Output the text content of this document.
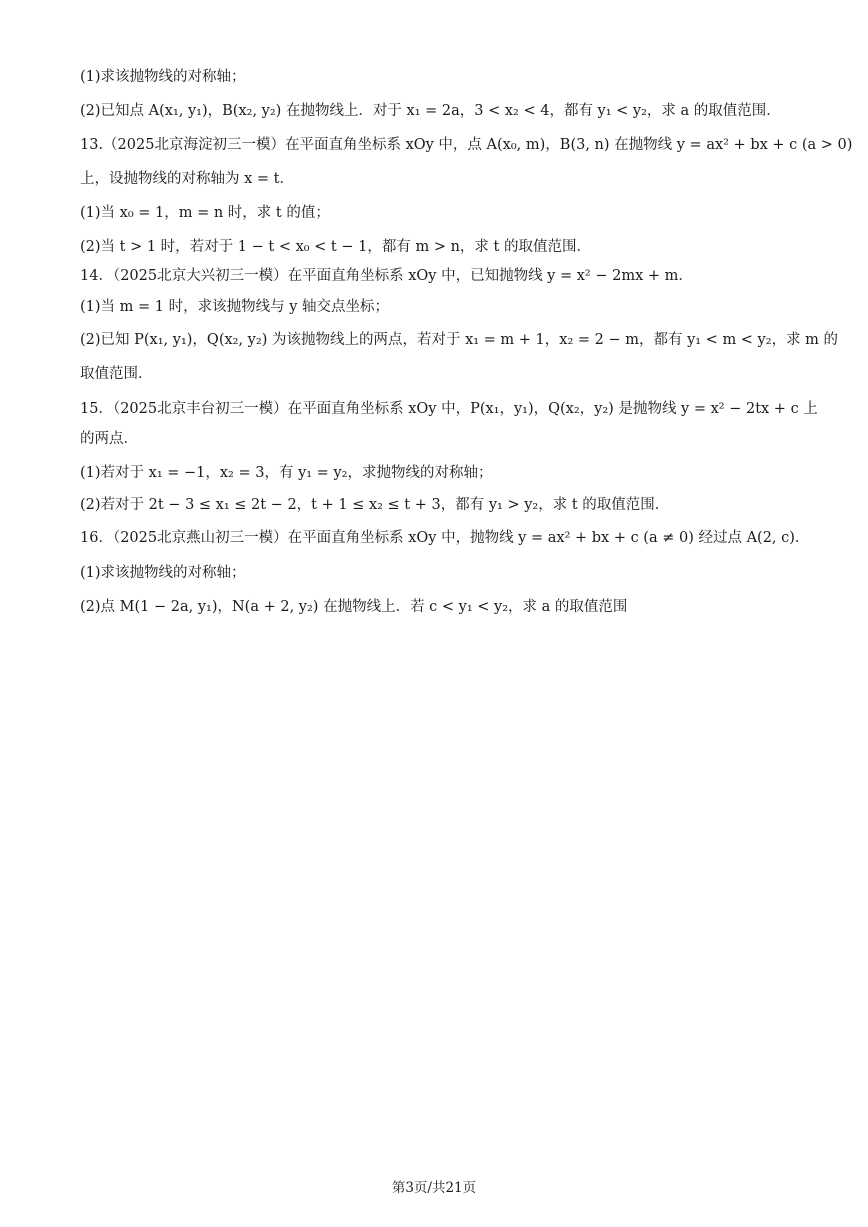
(1)求该抛物线的对称轴；
(2)已知点 A(x₁, y₁)，B(x₂, y₂) 在抛物线上．对于 x₁ = 2a，3 < x₂ < 4，都有 y₁ < y₂，求 a 的取值范围．
13.（2025北京海淀初三一模）在平面直角坐标系 xOy 中，点 A(x₀, m)，B(3, n) 在抛物线 y = ax² + bx + c (a > 0)
上，设抛物线的对称轴为 x = t．
(1)当 x₀ = 1，m = n 时，求 t 的值；
(2)当 t > 1 时，若对于 1 − t < x₀ < t − 1，都有 m > n，求 t 的取值范围．
14．（2025北京大兴初三一模）在平面直角坐标系 xOy 中，已知抛物线 y = x² − 2mx + m．
(1)当 m = 1 时，求该抛物线与 y 轴交点坐标；
(2)已知 P(x₁, y₁)，Q(x₂, y₂) 为该抛物线上的两点，若对于 x₁ = m + 1，x₂ = 2 − m，都有 y₁ < m < y₂，求 m 的
取值范围．
15．（2025北京丰台初三一模）在平面直角坐标系 xOy 中，P(x₁，y₁)，Q(x₂，y₂) 是抛物线 y = x² − 2tx + c 上
的两点．
(1)若对于 x₁ = −1，x₂ = 3，有 y₁ = y₂，求抛物线的对称轴；
(2)若对于 2t − 3 ≤ x₁ ≤ 2t − 2，t + 1 ≤ x₂ ≤ t + 3，都有 y₁ > y₂，求 t 的取值范围．
16．（2025北京燕山初三一模）在平面直角坐标系 xOy 中，抛物线 y = ax² + bx + c (a ≠ 0) 经过点 A(2, c)．
(1)求该抛物线的对称轴；
(2)点 M(1 − 2a, y₁)，N(a + 2, y₂) 在抛物线上．若 c < y₁ < y₂，求 a 的取值范围
第3页/共21页
